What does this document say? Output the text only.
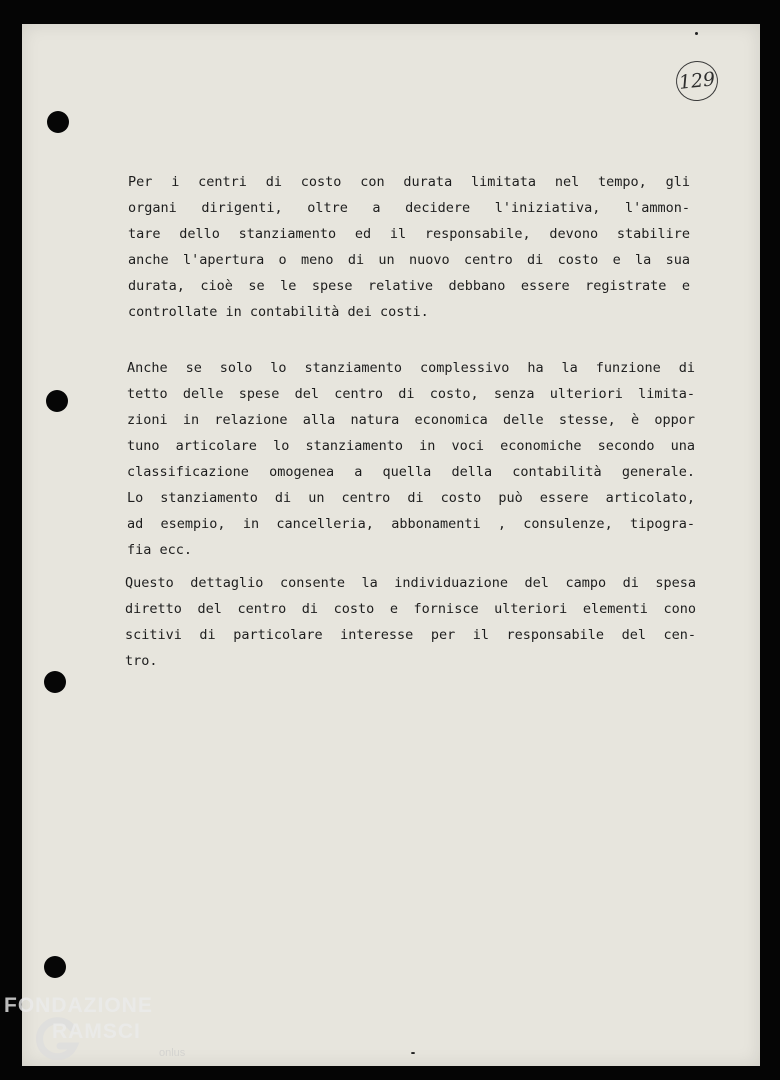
129
Per i centri di costo con durata limitata nel tempo, gli
organi dirigenti, oltre a decidere l'iniziativa, l'ammon-
tare dello stanziamento ed il responsabile, devono stabilire
anche l'apertura o meno di un nuovo centro di costo e la sua
durata, cioè se le spese relative debbano essere registrate e
controllate in contabilità dei costi.
Anche se solo lo stanziamento complessivo ha la funzione di
tetto delle spese del centro di costo, senza ulteriori limita-
zioni in relazione alla natura economica delle stesse, è oppor
tuno articolare lo stanziamento in voci economiche secondo una
classificazione omogenea a quella della contabilità generale.
Lo stanziamento di un centro di costo può essere articolato,
ad esempio, in cancelleria, abbonamenti , consulenze, tipogra-
fia ecc.
Questo dettaglio consente la individuazione del campo di spesa
diretto del centro di costo e fornisce ulteriori elementi cono
scitivi di particolare interesse per il responsabile del cen-
tro.
FONDAZIONE
RAMSCI
onlus
